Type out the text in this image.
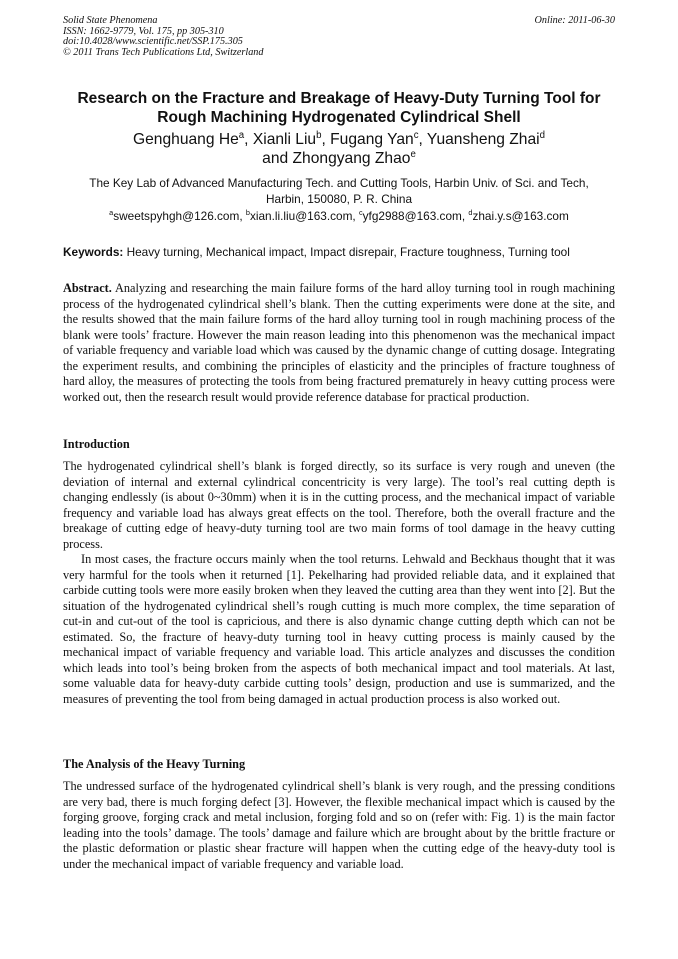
Solid State Phenomena
ISSN: 1662-9779, Vol. 175, pp 305-310
doi:10.4028/www.scientific.net/SSP.175.305
© 2011 Trans Tech Publications Ltd, Switzerland
Online: 2011-06-30
Research on the Fracture and Breakage of Heavy-Duty Turning Tool for
Rough Machining Hydrogenated Cylindrical Shell
Genghuang He$^a$, Xianli Liu$^b$, Fugang Yan$^c$, Yuansheng Zhai$^d$
and Zhongyang Zhao$^e$
The Key Lab of Advanced Manufacturing Tech. and Cutting Tools, Harbin Univ. of Sci. and Tech,
Harbin, 150080, P. R. China
$^a$sweetspyhgh@126.com, $^b$xian.li.liu@163.com, $^c$yfg2988@163.com, $^d$zhai.y.s@163.com
Keywords: Heavy turning, Mechanical impact, Impact disrepair, Fracture toughness, Turning tool

Abstract. Analyzing and researching the main failure forms of the hard alloy turning tool in rough machining process of the hydrogenated cylindrical shell’s blank. Then the cutting experiments were done at the site, and the results showed that the main failure forms of the hard alloy turning tool in rough machining process of the blank were tools’ fracture. However the main reason leading into this phenomenon was the mechanical impact of variable frequency and variable load which was caused by the dynamic change of cutting dosage. Integrating the experiment results, and combining the principles of elasticity and the principles of fracture toughness of hard alloy, the measures of protecting the tools from being fractured prematurely in heavy cutting process were worked out, then the research result would provide reference database for practical production.

Introduction

The hydrogenated cylindrical shell’s blank is forged directly, so its surface is very rough and uneven (the deviation of internal and external cylindrical concentricity is very large). The tool’s real cutting depth is changing endlessly (is about 0~30mm) when it is in the cutting process, and the mechanical impact of variable frequency and variable load has always great effects on the tool. Therefore, both the overall fracture and the breakage of cutting edge of heavy-duty turning tool are two main forms of tool damage in the heavy cutting process.

In most cases, the fracture occurs mainly when the tool returns. Lehwald and Beckhaus thought that it was very harmful for the tools when it returned [1]. Pekelharing had provided reliable data, and it explained that carbide cutting tools were more easily broken when they leaved the cutting area than they went into [2]. But the situation of the hydrogenated cylindrical shell’s rough cutting is much more complex, the time separation of cut-in and cut-out of the tool is capricious, and there is also dynamic change cutting depth which can not be estimated. So, the fracture of heavy-duty turning tool in heavy cutting process is mainly caused by the mechanical impact of variable frequency and variable load. This article analyzes and discusses the condition which leads into tool’s being broken from the aspects of both mechanical impact and tool materials. At last, some valuable data for heavy-duty carbide cutting tools’ design, production and use is summarized, and the measures of preventing the tool from being damaged in actual production process is also worked out.

The Analysis of the Heavy Turning

The undressed surface of the hydrogenated cylindrical shell’s blank is very rough, and the pressing conditions are very bad, there is much forging defect [3]. However, the flexible mechanical impact which is caused by the forging groove, forging crack and metal inclusion, forging fold and so on (refer with: Fig. 1) is the main factor leading into the tools’ damage. The tools’ damage and failure which are brought about by the brittle fracture or the plastic deformation or plastic shear fracture will happen when the cutting edge of the heavy-duty tool is under the mechanical impact of variable frequency and variable load.
